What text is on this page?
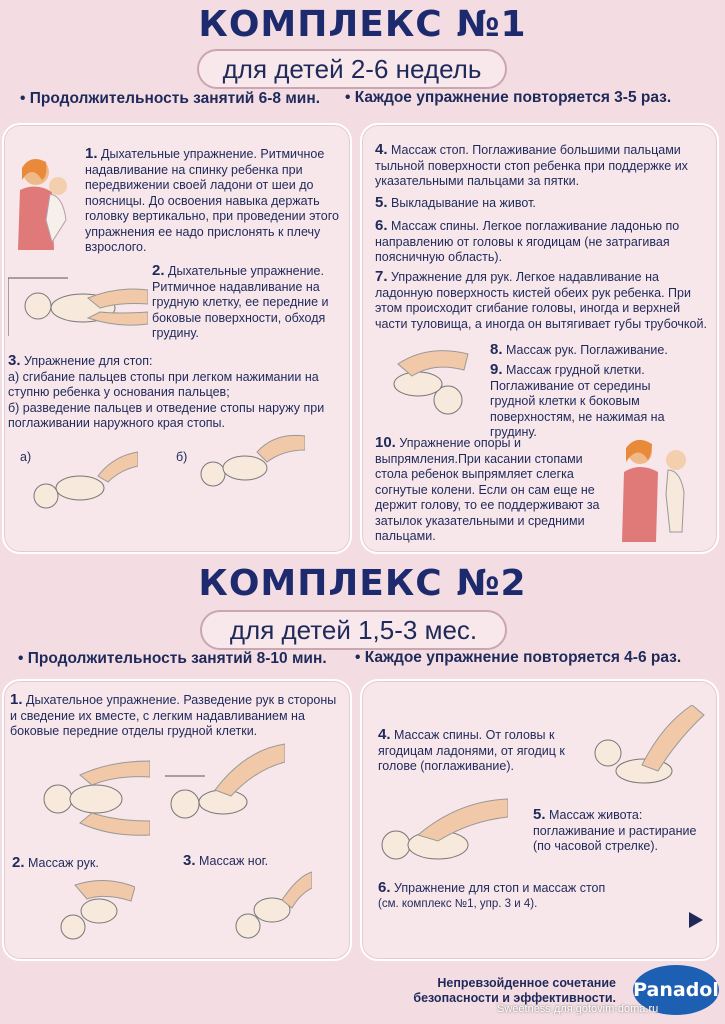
КОМПЛЕКС №1
для детей 2-6 недель
• Продолжительность занятий 6-8 мин. • Каждое упражнение повторяется 3-5 раз.
1. Дыхательные упражнение. Ритмичное надавливание на спинку ребенка при передвижении своей ладони от шеи до поясницы. До освоения навыка держать головку вертикально, при проведении этого упражнения ее надо прислонять к плечу взрослого.
2. Дыхательные упражнение. Ритмичное надавливание на грудную клетку, ее передние и боковые поверхности, обходя грудину.
3. Упражнение для стоп:
а) сгибание пальцев стопы при легком нажимании на ступню ребенка у основания пальцев;
б) разведение пальцев и отведение стопы наружу при поглаживании наружного края стопы.
а)	б)
4. Массаж стоп. Поглаживание большими пальцами тыльной поверхности стоп ребенка при поддержке их указательными пальцами за пятки.
5. Выкладывание на живот.
6. Массаж спины. Легкое поглаживание ладонью по направлению от головы к ягодицам (не затрагивая поясничную область).
7. Упражнение для рук. Легкое надавливание на ладонную поверхность кистей обеих рук ребенка. При этом происходит сгибание головы, иногда и верхней части туловища, а иногда он вытягивает губы трубочкой.
8. Массаж рук. Поглаживание.
9. Массаж грудной клетки. Поглаживание от середины грудной клетки к боковым поверхностям, не нажимая на грудину.
10. Упражнение опоры и выпрямления.При касании стопами стола ребенок выпрямляет слегка согнутые колени. Если он сам еще не держит голову, то ее поддерживают за затылок указательными и средними пальцами.
КОМПЛЕКС №2
для детей 1,5-3 мес.
• Продолжительность занятий 8-10 мин. • Каждое упражнение повторяется 4-6 раз.
1. Дыхательное упражнение. Разведение рук в стороны и сведение их вместе, с легким надавливанием на боковые передние отделы грудной клетки.
2. Массаж рук.	3. Массаж ног.
4. Массаж спины. От головы к ягодицам ладонями, от ягодиц к голове (поглаживание).
5. Массаж живота: поглаживание и растирание (по часовой стрелке).
6. Упражнение для стоп и массаж стоп
(см. комплекс №1, упр. 3 и 4).
Непревзойденное сочетание
безопасности и эффективности. Panadol
Sweetness для gotovim-doma.ru
